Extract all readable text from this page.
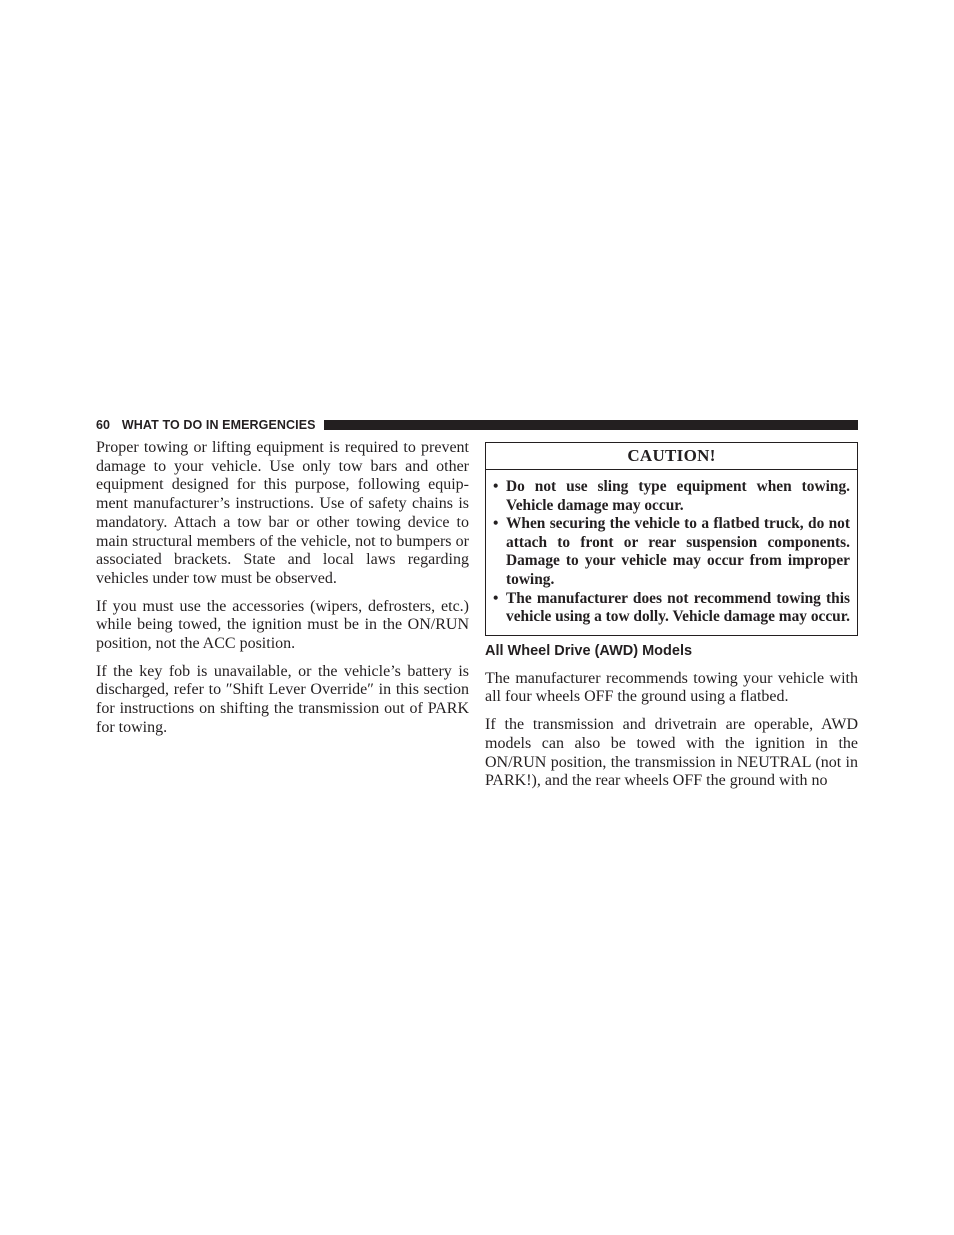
60 WHAT TO DO IN EMERGENCIES

Proper towing or lifting equipment is required to prevent damage to your vehicle. Use only tow bars and other equipment designed for this purpose, following equip-ment manufacturer’s instructions. Use of safety chains is mandatory. Attach a tow bar or other towing device to main structural members of the vehicle, not to bumpers or associated brackets. State and local laws regarding vehicles under tow must be observed.

If you must use the accessories (wipers, defrosters, etc.) while being towed, the ignition must be in the ON/RUN position, not the ACC position.

If the key fob is unavailable, or the vehicle’s battery is discharged, refer to ″Shift Lever Override″ in this section for instructions on shifting the transmission out of PARK for towing.

CAUTION!
•
Do not use sling type equipment when towing. Vehicle damage may occur.
•
When securing the vehicle to a flatbed truck, do not attach to front or rear suspension components. Damage to your vehicle may occur from improper towing.
•
The manufacturer does not recommend towing this vehicle using a tow dolly. Vehicle damage may occur.
All Wheel Drive (AWD) Models

The manufacturer recommends towing your vehicle with all four wheels OFF the ground using a flatbed.

If the transmission and drivetrain are operable, AWD models can also be towed with the ignition in the ON/RUN position, the transmission in NEUTRAL (not in PARK!), and the rear wheels OFF the ground with no
